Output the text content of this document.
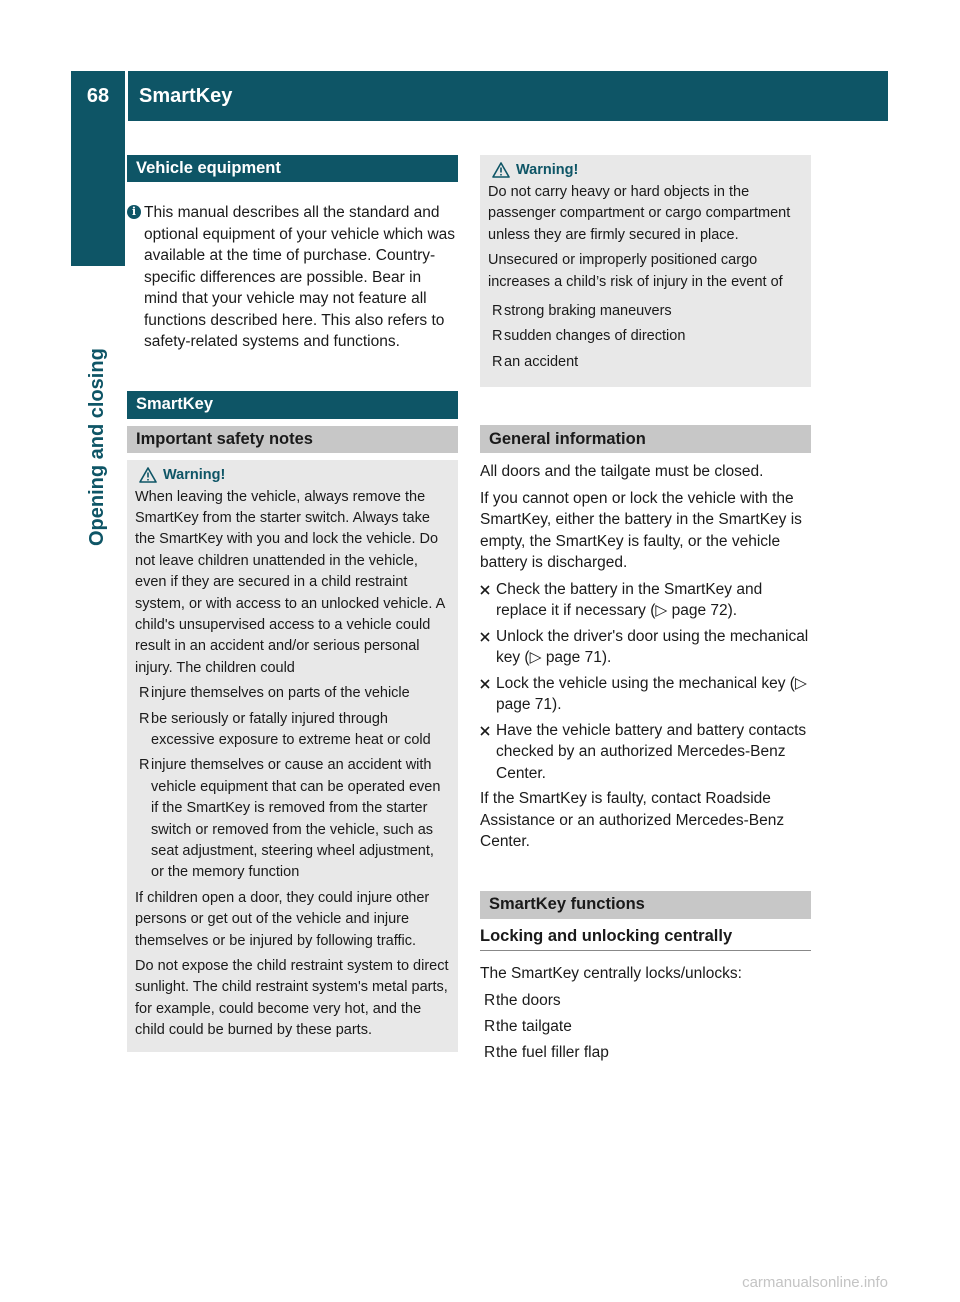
68	SmartKey
Opening and closing
Vehicle equipment
i This manual describes all the standard and optional equipment of your vehicle which was available at the time of purchase. Country-specific differences are possible. Bear in mind that your vehicle may not feature all functions described here. This also refers to safety-related systems and functions.
SmartKey
Important safety notes
Warning!
When leaving the vehicle, always remove the SmartKey from the starter switch. Always take the SmartKey with you and lock the vehicle. Do not leave children unattended in the vehicle, even if they are secured in a child restraint system, or with access to an unlocked vehicle. A child's unsupervised access to a vehicle could result in an accident and/or serious personal injury. The children could
R injure themselves on parts of the vehicle
R be seriously or fatally injured through excessive exposure to extreme heat or cold
R injure themselves or cause an accident with vehicle equipment that can be operated even if the SmartKey is removed from the starter switch or removed from the vehicle, such as seat adjustment, steering wheel adjustment, or the memory function
If children open a door, they could injure other persons or get out of the vehicle and injure themselves or be injured by following traffic.
Do not expose the child restraint system to direct sunlight. The child restraint system's metal parts, for example, could become very hot, and the child could be burned by these parts.
Warning!
Do not carry heavy or hard objects in the passenger compartment or cargo compartment unless they are firmly secured in place.
Unsecured or improperly positioned cargo increases a child’s risk of injury in the event of
R strong braking maneuvers
R sudden changes of direction
R an accident
General information
All doors and the tailgate must be closed.
If you cannot open or lock the vehicle with the SmartKey, either the battery in the SmartKey is empty, the SmartKey is faulty, or the vehicle battery is discharged.
Check the battery in the SmartKey and replace it if necessary (▷ page 72).
Unlock the driver's door using the mechanical key (▷ page 71).
Lock the vehicle using the mechanical key (▷ page 71).
Have the vehicle battery and battery contacts checked by an authorized Mercedes-Benz Center.
If the SmartKey is faulty, contact Roadside Assistance or an authorized Mercedes-Benz Center.
SmartKey functions
Locking and unlocking centrally
The SmartKey centrally locks/unlocks:
R the doors
R the tailgate
R the fuel filler flap
carmanualsonline.info
